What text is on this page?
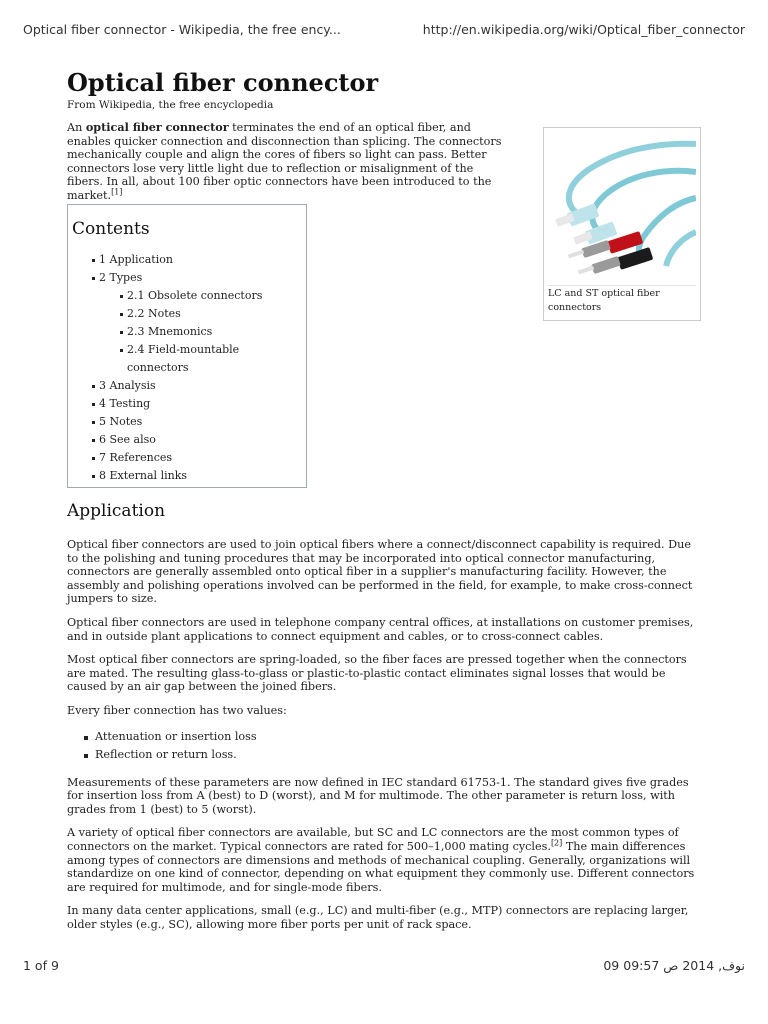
Optical fiber connector - Wikipedia, the free ency...	http://en.wikipedia.org/wiki/Optical_fiber_connector
Optical fiber connector
From Wikipedia, the free encyclopedia
An optical fiber connector terminates the end of an optical fiber, and enables quicker connection and disconnection than splicing. The connectors mechanically couple and align the cores of fibers so light can pass. Better connectors lose very little light due to reflection or misalignment of the fibers. In all, about 100 fiber optic connectors have been introduced to the market.[1]
LC and ST optical fiber connectors
Contents
1 Application
2 Types
2.1 Obsolete connectors
2.2 Notes
2.3 Mnemonics
2.4 Field-mountable connectors
3 Analysis
4 Testing
5 Notes
6 See also
7 References
8 External links
Application

Optical fiber connectors are used to join optical fibers where a connect/disconnect capability is required. Due to the polishing and tuning procedures that may be incorporated into optical connector manufacturing, connectors are generally assembled onto optical fiber in a supplier's manufacturing facility. However, the assembly and polishing operations involved can be performed in the field, for example, to make cross-connect jumpers to size.

Optical fiber connectors are used in telephone company central offices, at installations on customer premises, and in outside plant applications to connect equipment and cables, or to cross-connect cables.

Most optical fiber connectors are spring-loaded, so the fiber faces are pressed together when the connectors are mated. The resulting glass-to-glass or plastic-to-plastic contact eliminates signal losses that would be caused by an air gap between the joined fibers.

Every fiber connection has two values:

Attenuation or insertion loss
Reflection or return loss.

Measurements of these parameters are now defined in IEC standard 61753-1. The standard gives five grades for insertion loss from A (best) to D (worst), and M for multimode. The other parameter is return loss, with grades from 1 (best) to 5 (worst).

A variety of optical fiber connectors are available, but SC and LC connectors are the most common types of connectors on the market. Typical connectors are rated for 500–1,000 mating cycles.[2] The main differences among types of connectors are dimensions and methods of mechanical coupling. Generally, organizations will standardize on one kind of connector, depending on what equipment they commonly use. Different connectors are required for multimode, and for single-mode fibers.

In many data center applications, small (e.g., LC) and multi-fiber (e.g., MTP) connectors are replacing larger, older styles (e.g., SC), allowing more fiber ports per unit of rack space.

1 of 9	نوف, 2014 ص 09:57 09
